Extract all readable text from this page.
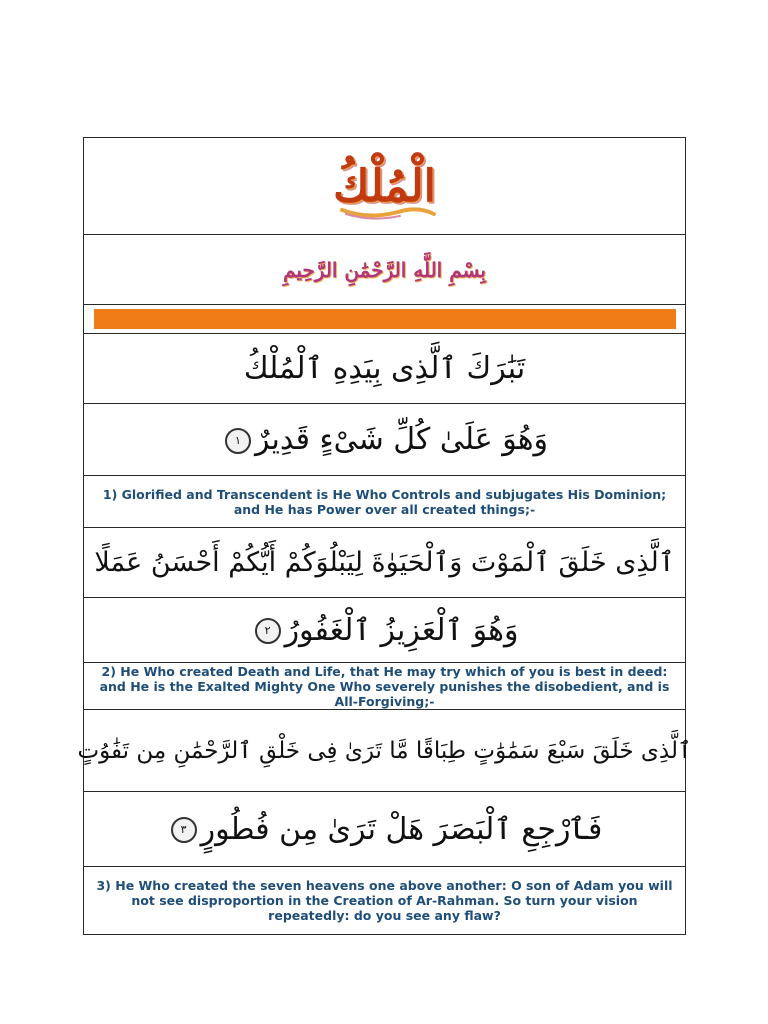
الْمُلْكُ
بِسْمِ اللَّهِ الرَّحْمَٰنِ الرَّحِيمِ
تَبَٰرَكَ ٱلَّذِى بِيَدِهِ ٱلْمُلْكُ
وَهُوَ عَلَىٰ كُلِّ شَىْءٍ قَدِيرٌ١
1) Glorified and Transcendent is He Who Controls and subjugates His Dominion;
and He has Power over all created things;-
ٱلَّذِى خَلَقَ ٱلْمَوْتَ وَٱلْحَيَوٰةَ لِيَبْلُوَكُمْ أَيُّكُمْ أَحْسَنُ عَمَلًا
وَهُوَ ٱلْعَزِيزُ ٱلْغَفُورُ٢
2) He Who created Death and Life, that He may try which of you is best in deed:
and He is the Exalted Mighty One Who severely punishes the disobedient, and is
All-Forgiving;-
ٱلَّذِى خَلَقَ سَبْعَ سَمَٰوَٰتٍ طِبَاقًا مَّا تَرَىٰ فِى خَلْقِ ٱلرَّحْمَٰنِ مِن تَفَٰوُتٍ
فَٱرْجِعِ ٱلْبَصَرَ هَلْ تَرَىٰ مِن فُطُورٍ٣
3) He Who created the seven heavens one above another: O son of Adam you will
not see disproportion in the Creation of Ar-Rahman. So turn your vision
repeatedly: do you see any flaw?
